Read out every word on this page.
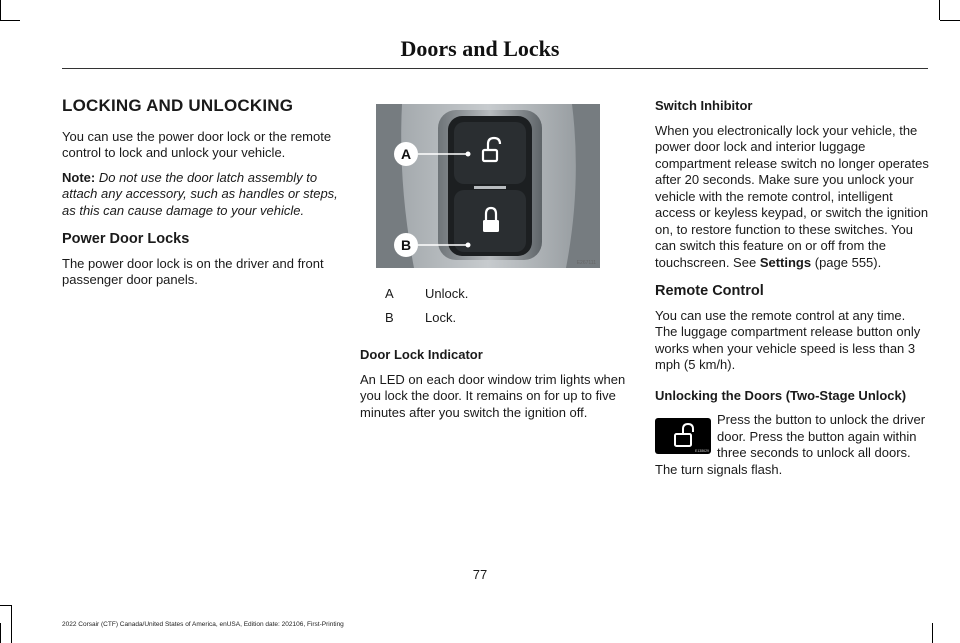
Doors and Locks
LOCKING AND UNLOCKING

You can use the power door lock or the remote control to lock and unlock your vehicle.

Note: Do not use the door latch assembly to attach any accessory, such as handles or steps, as this can cause damage to your vehicle.

Power Door Locks

The power door lock is on the driver and front passenger door panels.

A
B
E267111
A	Unlock.
B	Lock.
Door Lock Indicator

An LED on each door window trim lights when you lock the door. It remains on for up to five minutes after you switch the ignition off.

Switch Inhibitor

When you electronically lock your vehicle, the power door lock and interior luggage compartment release switch no longer operates after 20 seconds. Make sure you unlock your vehicle with the remote control, intelligent access or keyless keypad, or switch the ignition on, to restore function to these switches. You can switch this feature on or off from the touchscreen. See Settings (page 555).

Remote Control

You can use the remote control at any time. The luggage compartment release button only works when your vehicle speed is less than 3 mph (5 km/h).

Unlocking the Doors (Two-Stage Unlock)
E138629

Press the button to unlock the driver door. Press the button again within three seconds to unlock all doors. The turn signals flash.

77
2022 Corsair (CTF) Canada/United States of America, enUSA, Edition date: 202106, First-Printing
